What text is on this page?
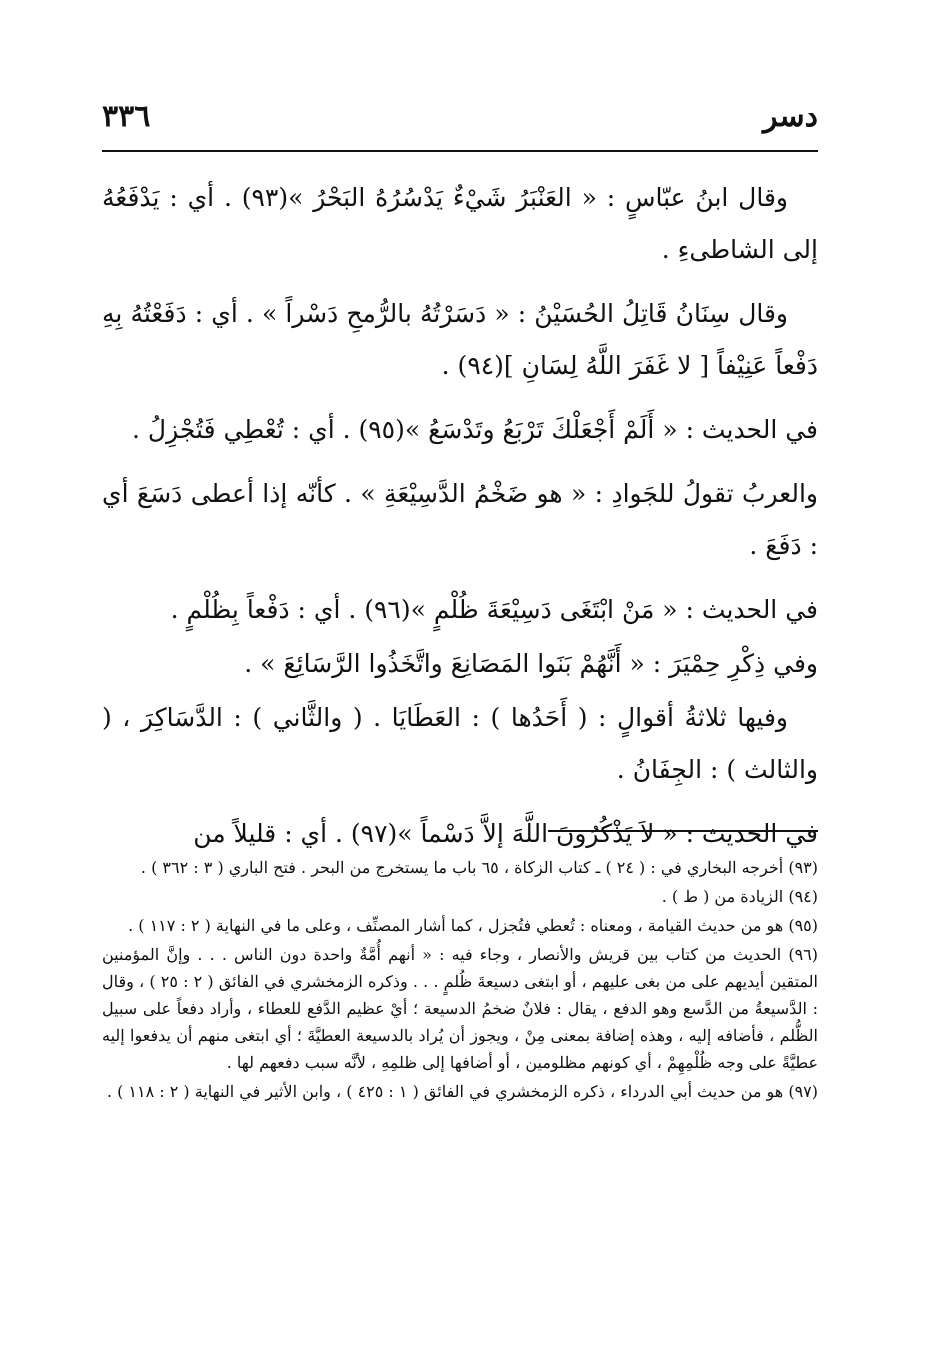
٣٣٦	دسر

وقال ابنُ عبّاسٍ : « العَنْبَرُ شَيْءٌ يَدْسُرُهُ البَحْرُ »(٩٣) . أي : يَدْفَعُهُ إلى الشاطىءِ .

وقال سِنَانُ قَاتِلُ الحُسَيْنُ : « دَسَرْتُهُ بالرُّمحِ دَسْراً » . أي : دَفَعْتُهُ بِهِ دَفْعاً عَنِيْفاً [ لا غَفَرَ اللَّهُ لِسَانِ ](٩٤) .

في الحديث : « أَلَمْ أَجْعَلْكَ تَرْبَعُ وتَدْسَعُ »(٩٥) . أي : تُعْطِي فَتُجْزِلُ .

والعربُ تقولُ للجَوادِ : « هو ضَخْمُ الدَّسِيْعَةِ » . كأنّه إذا أعطى دَسَعَ أي : دَفَعَ .

في الحديث : « مَنْ ابْتَغَى دَسِيْعَةَ ظُلْمٍ »(٩٦) . أي : دَفْعاً بِظُلْمٍ .

وفي ذِكْرِ حِمْيَرَ : « أَنَّهُمْ بَنَوا المَصَانِعَ واتَّخَذُوا الرَّسَائِعَ » .

وفيها ثلاثةُ أقوالٍ : ( أَحَدُها ) : العَطَايَا . ( والثَّاني ) : الدَّسَاكِرَ ، ( والثالث ) : الجِفَانُ .

في الحديث : « لاَ يَذْكُرُونَ اللَّهَ إلاَّ دَسْماً »(٩٧) . أي : قليلاً من

(٩٣) أخرجه البخاري في : ( ٢٤ ) ـ كتاب الزكاة ، ٦٥ باب ما يستخرج من البحر . فتح الباري ( ٣ : ٣٦٢ ) .

(٩٤) الزيادة من ( ط ) .

(٩٥) هو من حديث القيامة ، ومعناه : تُعطي فتُجزل ، كما أشار المصنِّف ، وعلى ما في النهاية ( ٢ : ١١٧ ) .

(٩٦) الحديث من كتاب بين قريش والأنصار ، وجاء فيه : « أنهم أُمَّةٌ واحدة دون الناس . . . وإنَّ المؤمنين المتقين أيديهم على من بغى عليهم ، أو ابتغى دسيعةَ ظُلمٍ . . . وذكره الزمخشري في الفائق ( ٢ : ٢٥ ) ، وقال : الدَّسيعةُ من الدَّسع وهو الدفع ، يقال : فلانٌ ضخمُ الدسيعة ؛ أيْ عظيم الدَّفع للعطاء ، وأراد دفعاً على سبيل الظُّلم ، فأضافه إليه ، وهذه إضافة بمعنى مِنْ ، ويجوز أن يُراد بالدسيعة العطيَّةَ ؛ أي ابتغى منهم أن يدفعوا إليه عطيَّةً على وجه ظُلْمِهِمْ ، أي كونهم مظلومين ، أو أضافها إلى ظلمِهِ ، لأنَّه سبب دفعهم لها .

(٩٧) هو من حديث أبي الدرداء ، ذكره الزمخشري في الفائق ( ١ : ٤٢٥ ) ، وابن الأثير في النهاية ( ٢ : ١١٨ ) .
